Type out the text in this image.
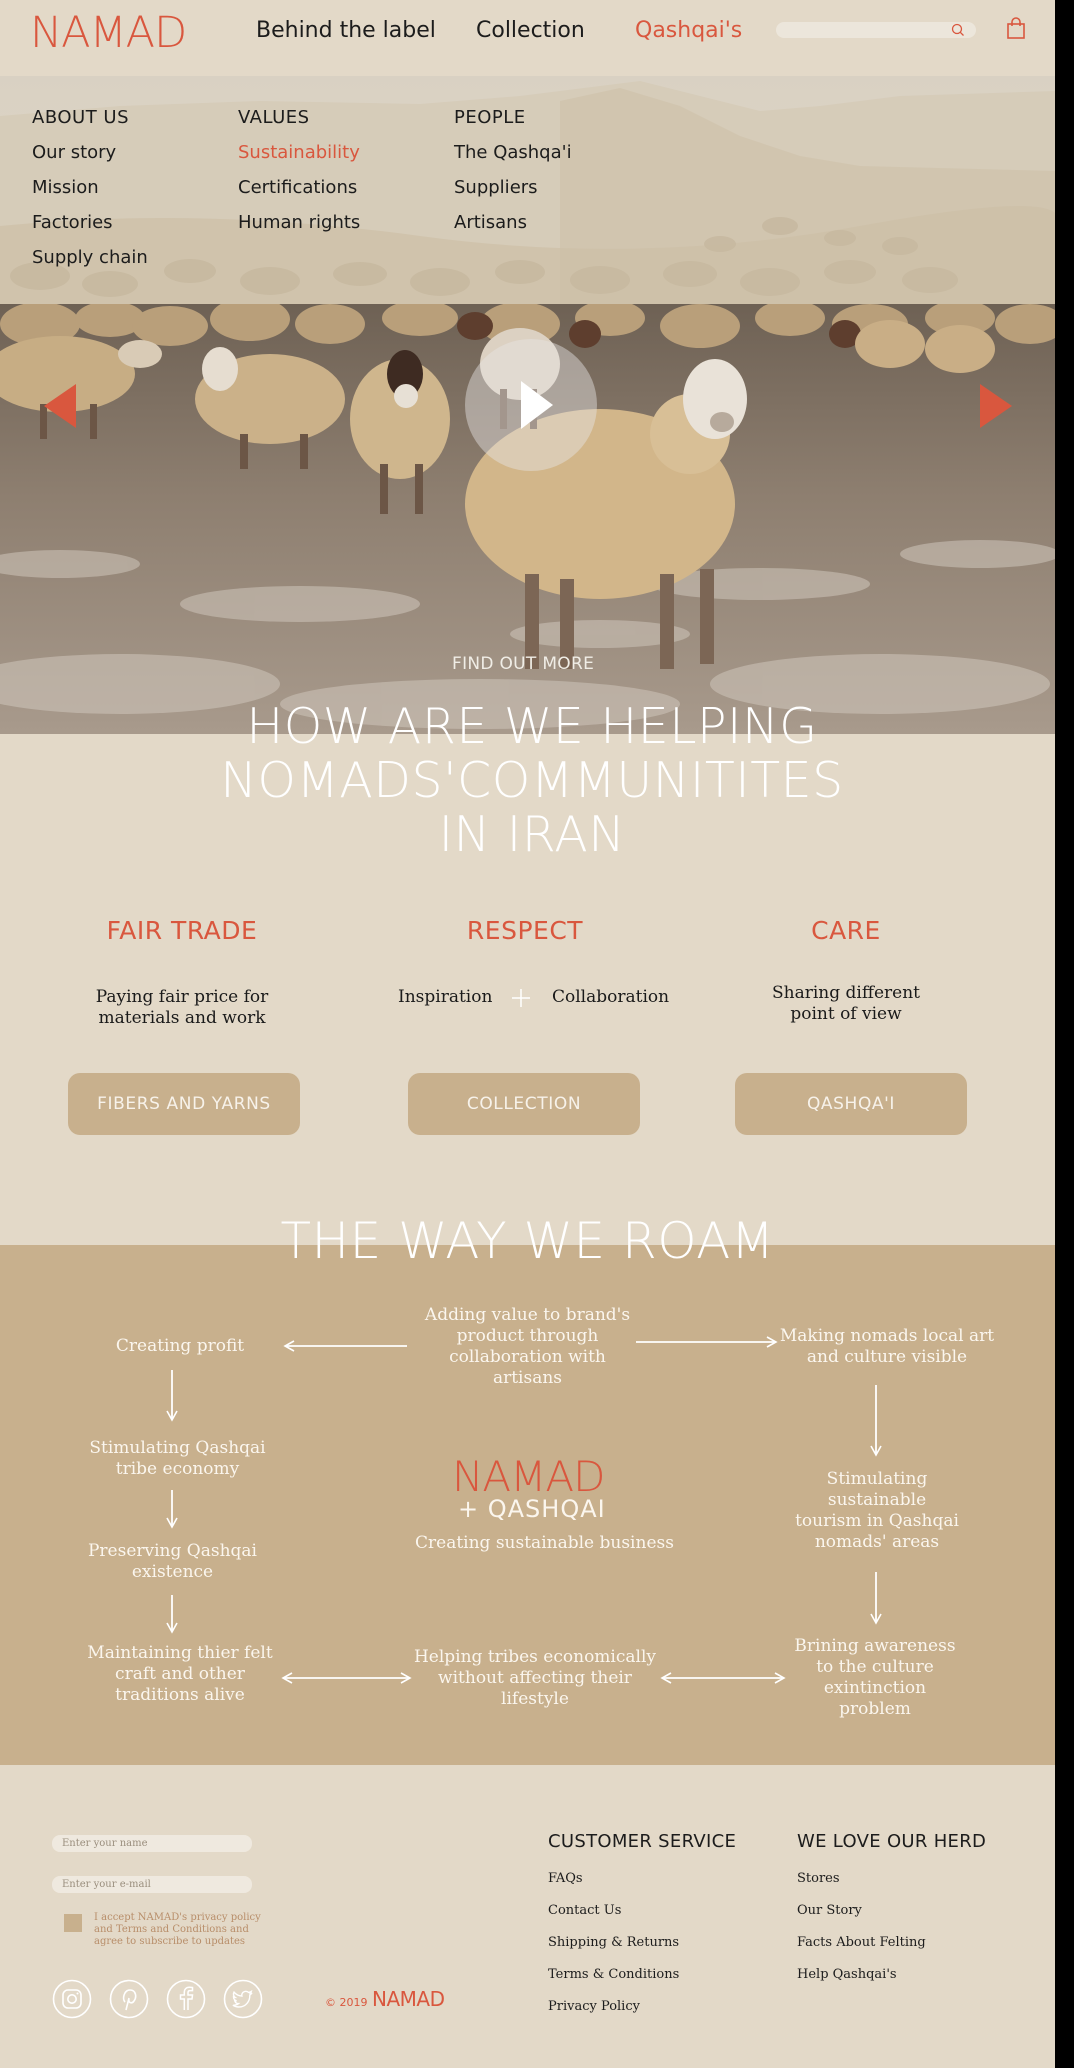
NAMAD	Behind the label Collection Qashqai's
ABOUT US
Our story
Mission
Factories
Supply chain
VALUES
Sustainability
Certifications
Human rights
PEOPLE
The Qashqa'i
Suppliers
Artisans
FIND OUT MORE
HOW ARE WE HELPING
NOMADS'COMMUNITITES
IN IRAN
FAIR TRADE
Paying fair price for
materials and work
FIBERS AND YARNS
RESPECT
Inspiration	Collaboration
COLLECTION
CARE
Sharing different
point of view
QASHQA'I
Adding value to brand's
product through
collaboration with
artisans
Creating profit
Stimulating Qashqai
tribe economy
Preserving Qashqai
existence
Maintaining thier felt
craft and other
traditions alive
Making nomads local art
and culture visible
Stimulating
sustainable
tourism in Qashqai
nomads' areas
Brining awareness
to the culture
exintinction
problem
Helping tribes economically
without affecting their
lifestyle
NAMAD
+ QASHQAI
Creating sustainable business
THE WAY WE ROAM
Enter your name
Enter your e-mail
I accept NAMAD's privacy policy
and Terms and Conditions and
agree to subscribe to updates
© 2019 NAMAD
CUSTOMER SERVICE
FAQs
Contact Us
Shipping & Returns
Terms & Conditions
Privacy Policy
WE LOVE OUR HERD
Stores
Our Story
Facts About Felting
Help Qashqai's
